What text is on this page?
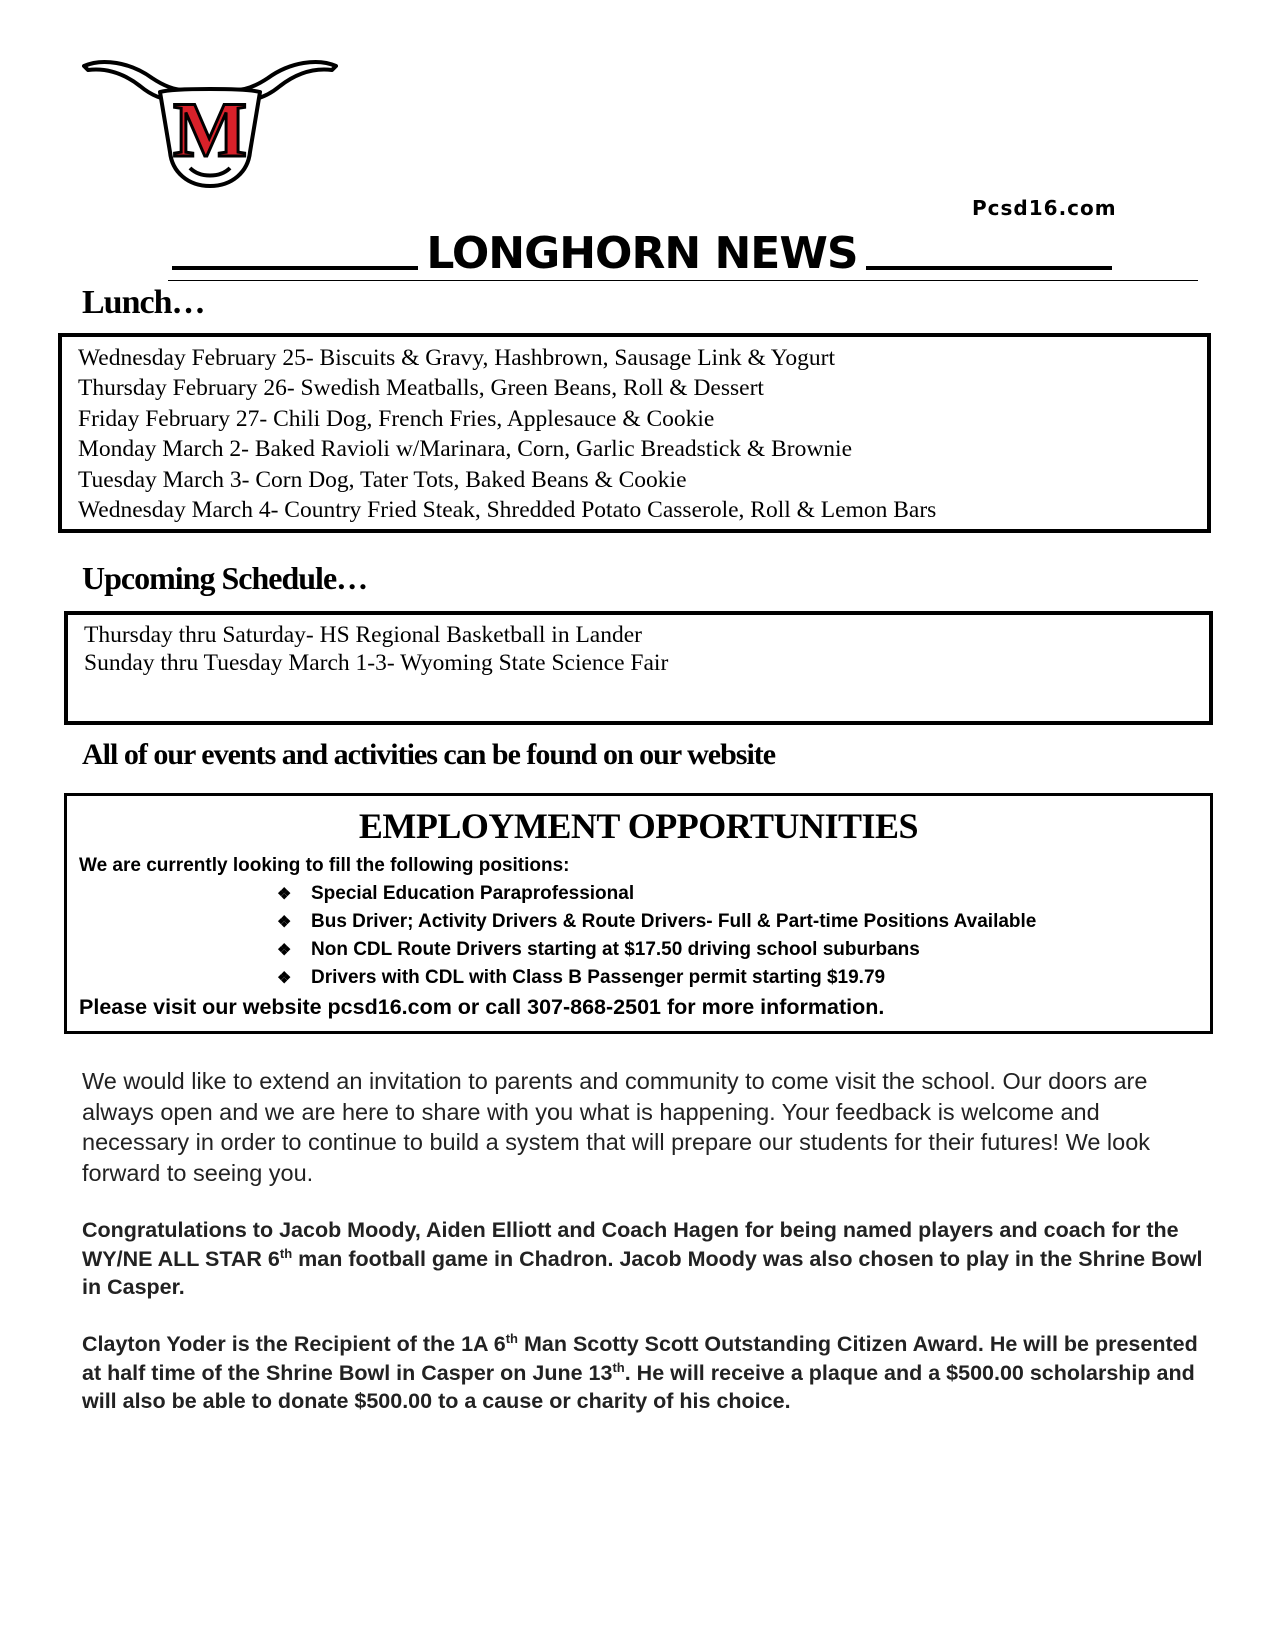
M
Pcsd16.com
LONGHORN NEWS
Lunch…
Wednesday February 25- Biscuits & Gravy, Hashbrown, Sausage Link & Yogurt
Thursday February 26- Swedish Meatballs, Green Beans, Roll & Dessert
Friday February 27- Chili Dog, French Fries, Applesauce & Cookie
Monday March 2- Baked Ravioli w/Marinara, Corn, Garlic Breadstick & Brownie
Tuesday March 3- Corn Dog, Tater Tots, Baked Beans & Cookie
Wednesday March 4- Country Fried Steak, Shredded Potato Casserole, Roll & Lemon Bars
Upcoming Schedule…
Thursday thru Saturday- HS Regional Basketball in Lander
Sunday thru Tuesday March 1-3- Wyoming State Science Fair
All of our events and activities can be found on our website
EMPLOYMENT OPPORTUNITIES
We are currently looking to fill the following positions:
❖ Special Education Paraprofessional
❖ Bus Driver; Activity Drivers & Route Drivers- Full & Part-time Positions Available
❖ Non CDL Route Drivers starting at $17.50 driving school suburbans
❖ Drivers with CDL with Class B Passenger permit starting $19.79
Please visit our website pcsd16.com or call 307-868-2501 for more information.

We would like to extend an invitation to parents and community to come visit the school. Our doors are always open and we are here to share with you what is happening. Your feedback is welcome and necessary in order to continue to build a system that will prepare our students for their futures! We look forward to seeing you.

Congratulations to Jacob Moody, Aiden Elliott and Coach Hagen for being named players and coach for the WY/NE ALL STAR 6th man football game in Chadron. Jacob Moody was also chosen to play in the Shrine Bowl in Casper.

Clayton Yoder is the Recipient of the 1A 6th Man Scotty Scott Outstanding Citizen Award. He will be presented at half time of the Shrine Bowl in Casper on June 13th. He will receive a plaque and a $500.00 scholarship and will also be able to donate $500.00 to a cause or charity of his choice.
